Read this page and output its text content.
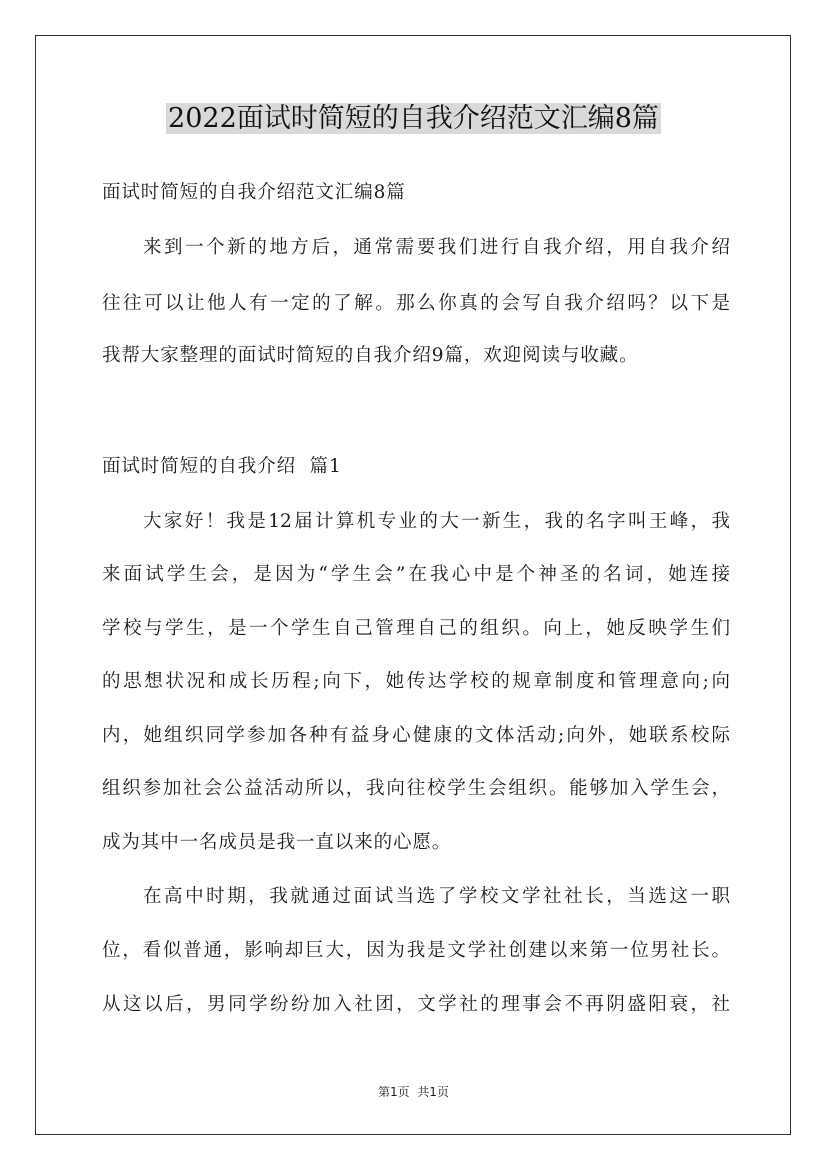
2022面试时简短的自我介绍范文汇编8篇
面试时简短的自我介绍范文汇编8篇
来到一个新的地方后，通常需要我们进行自我介绍，用自我介绍
往往可以让他人有一定的了解。那么你真的会写自我介绍吗？以下是
我帮大家整理的面试时简短的自我介绍9篇，欢迎阅读与收藏。
面试时简短的自我介绍  篇1
大家好！我是12届计算机专业的大一新生，我的名字叫王峰，我
来面试学生会，是因为“学生会”在我心中是个神圣的名词，她连接
学校与学生，是一个学生自己管理自己的组织。向上，她反映学生们
的思想状况和成长历程;向下，她传达学校的规章制度和管理意向;向
内，她组织同学参加各种有益身心健康的文体活动;向外，她联系校际
组织参加社会公益活动所以，我向往校学生会组织。能够加入学生会，
成为其中一名成员是我一直以来的心愿。
在高中时期，我就通过面试当选了学校文学社社长，当选这一职
位，看似普通，影响却巨大，因为我是文学社创建以来第一位男社长。
从这以后，男同学纷纷加入社团，文学社的理事会不再阴盛阳衰，社
第1页  共1页
